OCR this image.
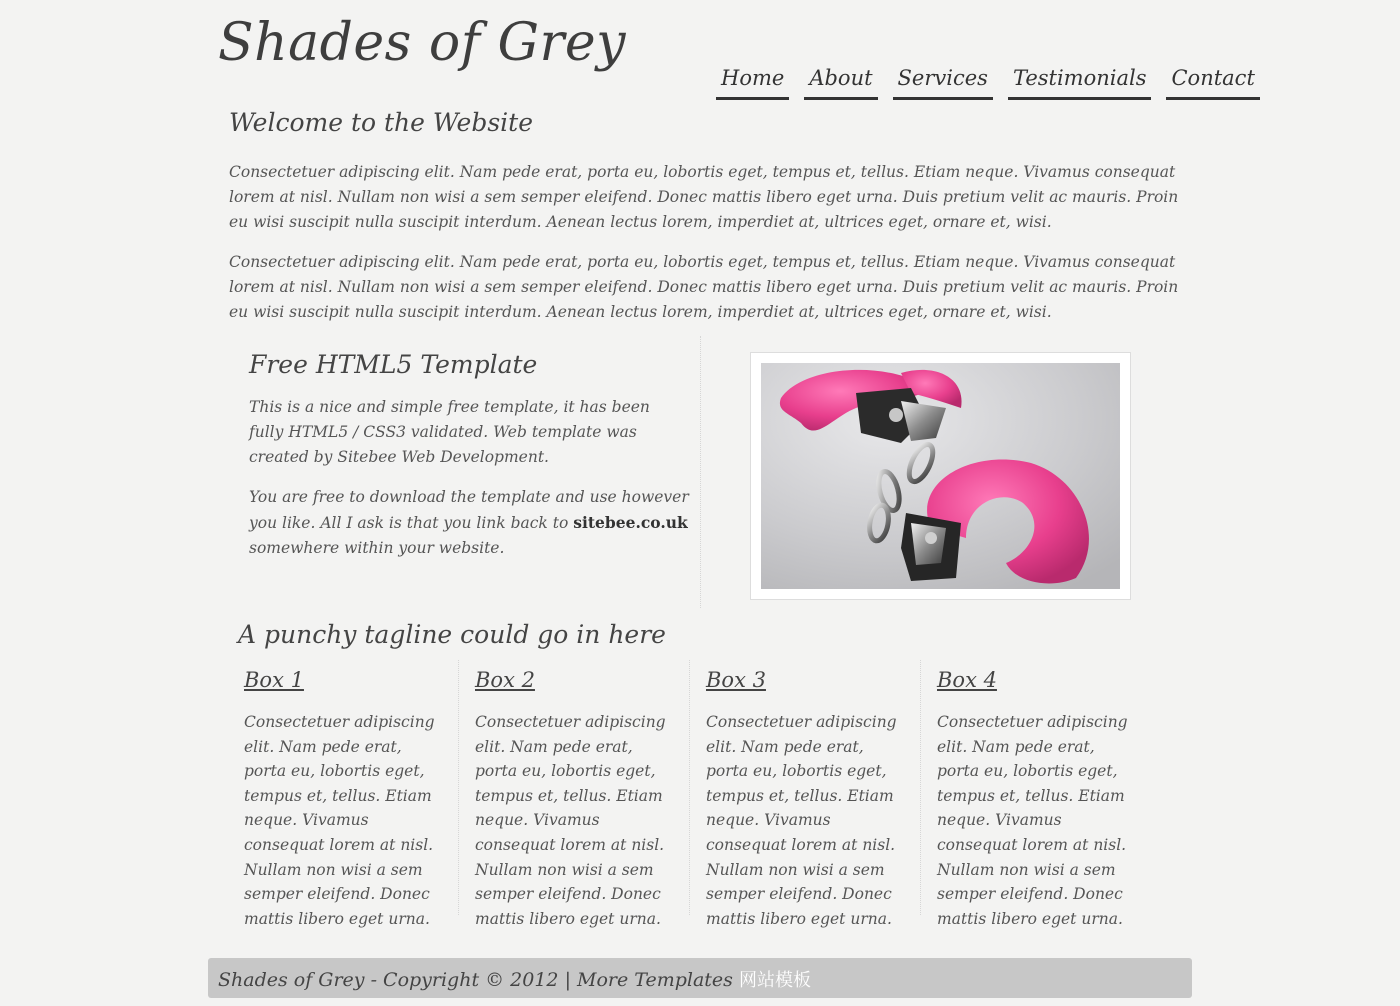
Shades of Grey
Home About Services Testimonials Contact
Welcome to the Website

Consectetuer adipiscing elit. Nam pede erat, porta eu, lobortis eget, tempus et, tellus. Etiam neque. Vivamus consequat lorem at nisl. Nullam non wisi a sem semper eleifend. Donec mattis libero eget urna. Duis pretium velit ac mauris. Proin eu wisi suscipit nulla suscipit interdum. Aenean lectus lorem, imperdiet at, ultrices eget, ornare et, wisi.

Consectetuer adipiscing elit. Nam pede erat, porta eu, lobortis eget, tempus et, tellus. Etiam neque. Vivamus consequat lorem at nisl. Nullam non wisi a sem semper eleifend. Donec mattis libero eget urna. Duis pretium velit ac mauris. Proin eu wisi suscipit nulla suscipit interdum. Aenean lectus lorem, imperdiet at, ultrices eget, ornare et, wisi.

Free HTML5 Template

This is a nice and simple free template, it has been fully HTML5 / CSS3 validated. Web template was created by Sitebee Web Development.

You are free to download the template and use however you like. All I ask is that you link back to sitebee.co.uk somewhere within your website.

A punchy tagline could go in here
Box 1

Consectetuer adipiscing elit. Nam pede erat, porta eu, lobortis eget, tempus et, tellus. Etiam neque. Vivamus consequat lorem at nisl. Nullam non wisi a sem semper eleifend. Donec mattis libero eget urna.

Box 2

Consectetuer adipiscing elit. Nam pede erat, porta eu, lobortis eget, tempus et, tellus. Etiam neque. Vivamus consequat lorem at nisl. Nullam non wisi a sem semper eleifend. Donec mattis libero eget urna.

Box 3

Consectetuer adipiscing elit. Nam pede erat, porta eu, lobortis eget, tempus et, tellus. Etiam neque. Vivamus consequat lorem at nisl. Nullam non wisi a sem semper eleifend. Donec mattis libero eget urna.

Box 4

Consectetuer adipiscing elit. Nam pede erat, porta eu, lobortis eget, tempus et, tellus. Etiam neque. Vivamus consequat lorem at nisl. Nullam non wisi a sem semper eleifend. Donec mattis libero eget urna.

Shades of Grey - Copyright © 2012 | More Templates 网站模板
